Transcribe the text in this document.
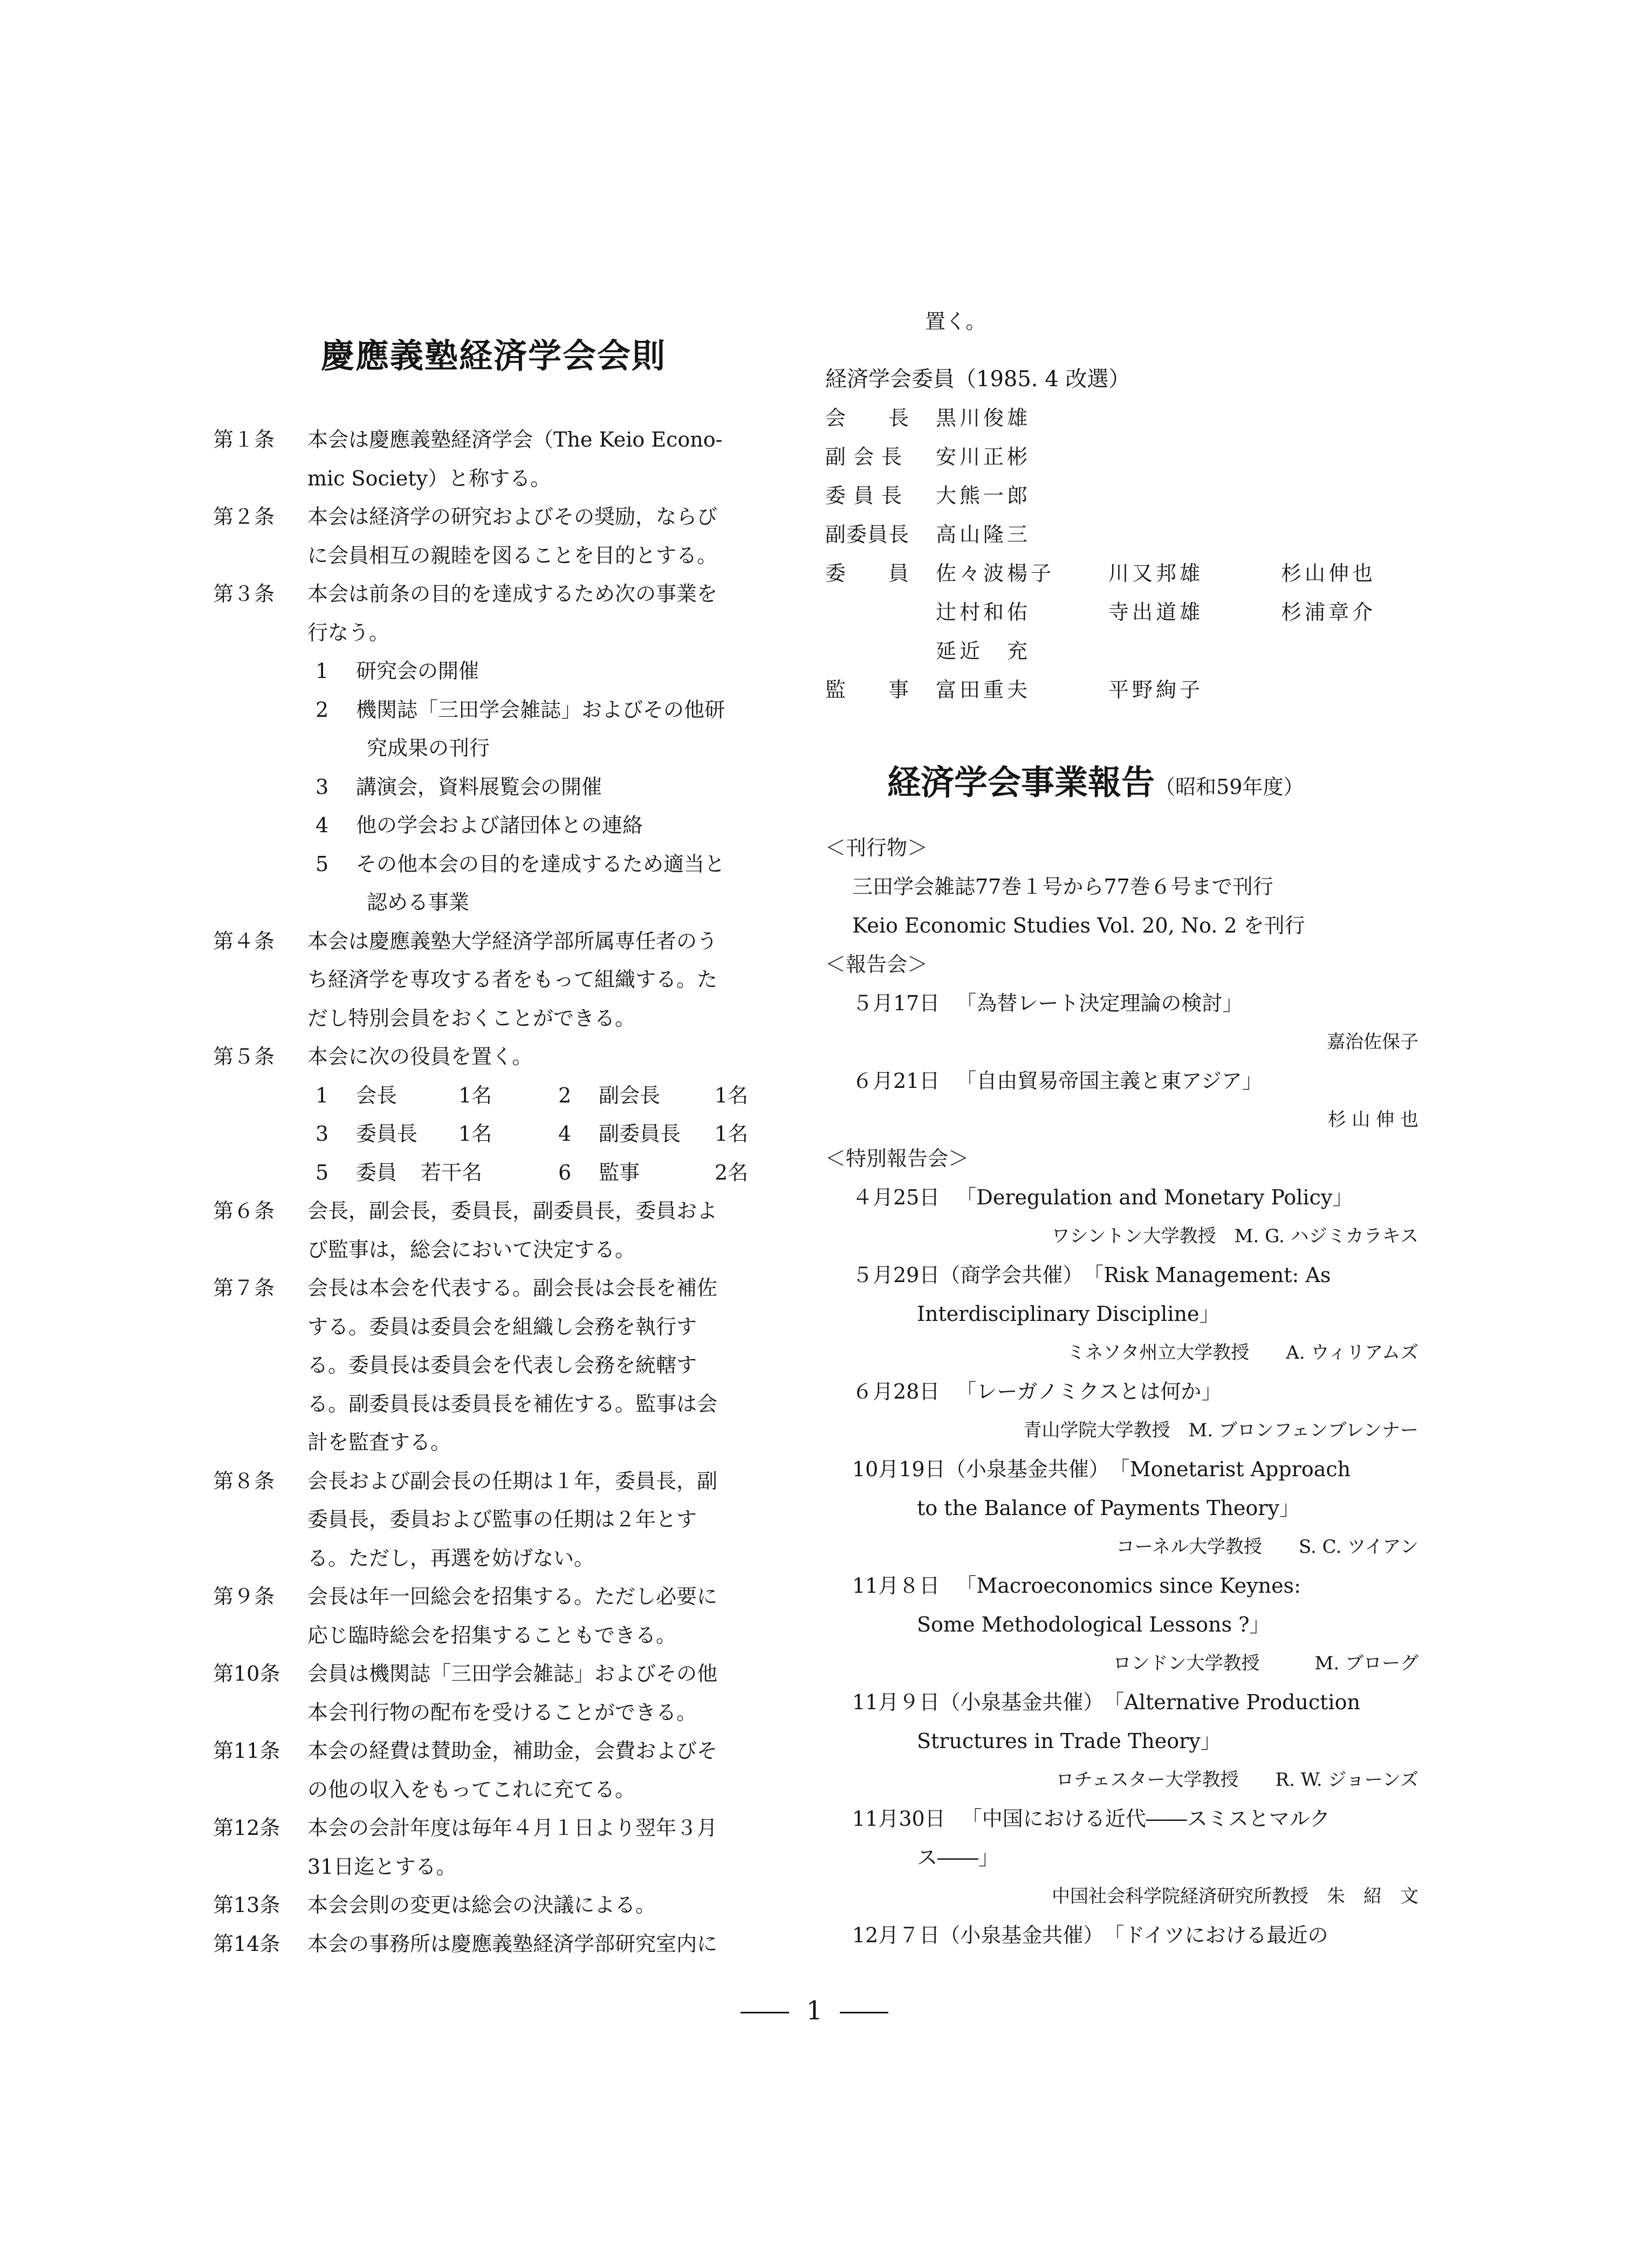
慶應義塾経済学会会則
第１条	本会は慶應義塾経済学会（The Keio Econo-
mic Society）と称する。
第２条	本会は経済学の研究およびその奨励，ならび
に会員相互の親睦を図ることを目的とする。
第３条	本会は前条の目的を達成するため次の事業を
行なう。
1	研究会の開催
2	機関誌「三田学会雑誌」およびその他研
究成果の刊行
3	講演会，資料展覧会の開催
4	他の学会および諸団体との連絡
5	その他本会の目的を達成するため適当と
認める事業
第４条	本会は慶應義塾大学経済学部所属専任者のう
ち経済学を専攻する者をもって組織する。た
だし特別会員をおくことができる。
第５条	本会に次の役員を置く。
1	会長	1名	2	副会長	1名
3	委員長	1名	4	副委員長	1名
5	委員	若干名	6	監事	2名
第６条	会長，副会長，委員長，副委員長，委員およ
び監事は，総会において決定する。
第７条	会長は本会を代表する。副会長は会長を補佐
する。委員は委員会を組織し会務を執行す
る。委員長は委員会を代表し会務を統轄す
る。副委員長は委員長を補佐する。監事は会
計を監査する。
第８条	会長および副会長の任期は１年，委員長，副
委員長，委員および監事の任期は２年とす
る。ただし，再選を妨げない。
第９条	会長は年一回総会を招集する。ただし必要に
応じ臨時総会を招集することもできる。
第10条	会員は機関誌「三田学会雑誌」およびその他
本会刊行物の配布を受けることができる。
第11条	本会の経費は賛助金，補助金，会費およびそ
の他の収入をもってこれに充てる。
第12条	本会の会計年度は毎年４月１日より翌年３月
31日迄とする。
第13条	本会会則の変更は総会の決議による。
第14条	本会の事務所は慶應義塾経済学部研究室内に
置く。
経済学会委員（1985. 4 改選）
会　　長	黒川俊雄
副 会 長	安川正彬
委 員 長	大熊一郎
副委員長	高山隆三
委　　員	佐々波楊子	川又邦雄	杉山伸也
辻村和佑	寺出道雄	杉浦章介
延近　充
監　　事	富田重夫	平野絢子
経済学会事業報告（昭和59年度）
＜刊行物＞
三田学会雑誌77巻１号から77巻６号まで刊行
Keio Economic Studies Vol. 20, No. 2 を刊行
＜報告会＞
５月17日 「為替レート決定理論の検討」
嘉治佐保子
６月21日 「自由貿易帝国主義と東アジア」
杉 山 伸 也
＜特別報告会＞
４月25日 「Deregulation and Monetary Policy」
ワシントン大学教授　M. G. ハジミカラキス
５月29日（商学会共催） 「Risk Management: As
Interdisciplinary Discipline」
ミネソタ州立大学教授　　A. ウィリアムズ
６月28日 「レーガノミクスとは何か」
青山学院大学教授　M. ブロンフェンブレンナー
10月19日（小泉基金共催） 「Monetarist Approach
to the Balance of Payments Theory」
コーネル大学教授　　S. C. ツイアン
11月８日 「Macroeconomics since Keynes:
Some Methodological Lessons ?」
ロンドン大学教授　　　M. ブローグ
11月９日（小泉基金共催） 「Alternative Production
Structures in Trade Theory」
ロチェスター大学教授　　R. W. ジョーンズ
11月30日 「中国における近代――スミスとマルク
ス――」
中国社会科学院経済研究所教授　朱　紹　文
12月７日（小泉基金共催） 「ドイツにおける最近の
1
